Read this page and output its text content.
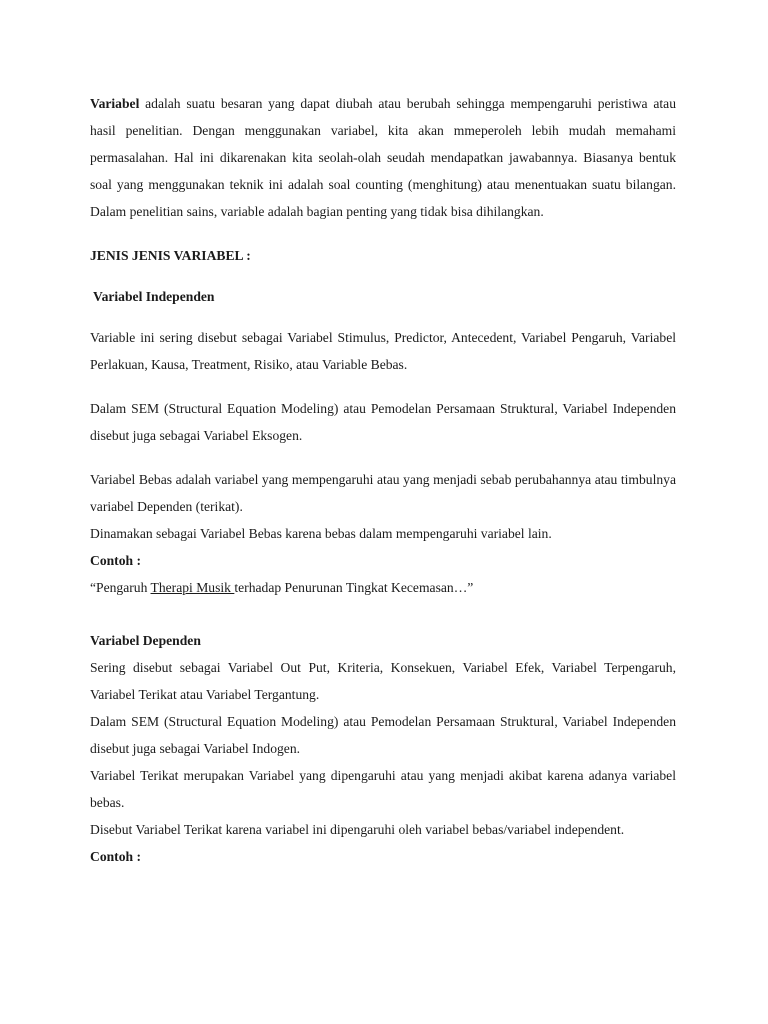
Variabel adalah suatu besaran yang dapat diubah atau berubah sehingga mempengaruhi peristiwa atau hasil penelitian. Dengan menggunakan variabel, kita akan mmeperoleh lebih mudah memahami permasalahan. Hal ini dikarenakan kita seolah-olah seudah mendapatkan jawabannya. Biasanya bentuk soal yang menggunakan teknik ini adalah soal counting (menghitung) atau menentuakan suatu bilangan. Dalam penelitian sains, variable adalah bagian penting yang tidak bisa dihilangkan.

JENIS JENIS VARIABEL :

Variabel Independen

Variable ini sering disebut sebagai Variabel Stimulus, Predictor, Antecedent, Variabel Pengaruh, Variabel Perlakuan, Kausa, Treatment, Risiko, atau Variable Bebas.

Dalam SEM (Structural Equation Modeling) atau Pemodelan Persamaan Struktural, Variabel Independen disebut juga sebagai Variabel Eksogen.

Variabel Bebas adalah variabel yang mempengaruhi atau yang menjadi sebab perubahannya atau timbulnya variabel Dependen (terikat).

Dinamakan sebagai Variabel Bebas karena bebas dalam mempengaruhi variabel lain.

Contoh :

“Pengaruh Therapi Musik terhadap Penurunan Tingkat Kecemasan…”

Variabel Dependen

Sering disebut sebagai Variabel Out Put, Kriteria, Konsekuen, Variabel Efek, Variabel Terpengaruh, Variabel Terikat atau Variabel Tergantung.

Dalam SEM (Structural Equation Modeling) atau Pemodelan Persamaan Struktural, Variabel Independen disebut juga sebagai Variabel Indogen.

Variabel Terikat merupakan Variabel yang dipengaruhi atau yang menjadi akibat karena adanya variabel bebas.

Disebut Variabel Terikat karena variabel ini dipengaruhi oleh variabel bebas/variabel independent.

Contoh :
